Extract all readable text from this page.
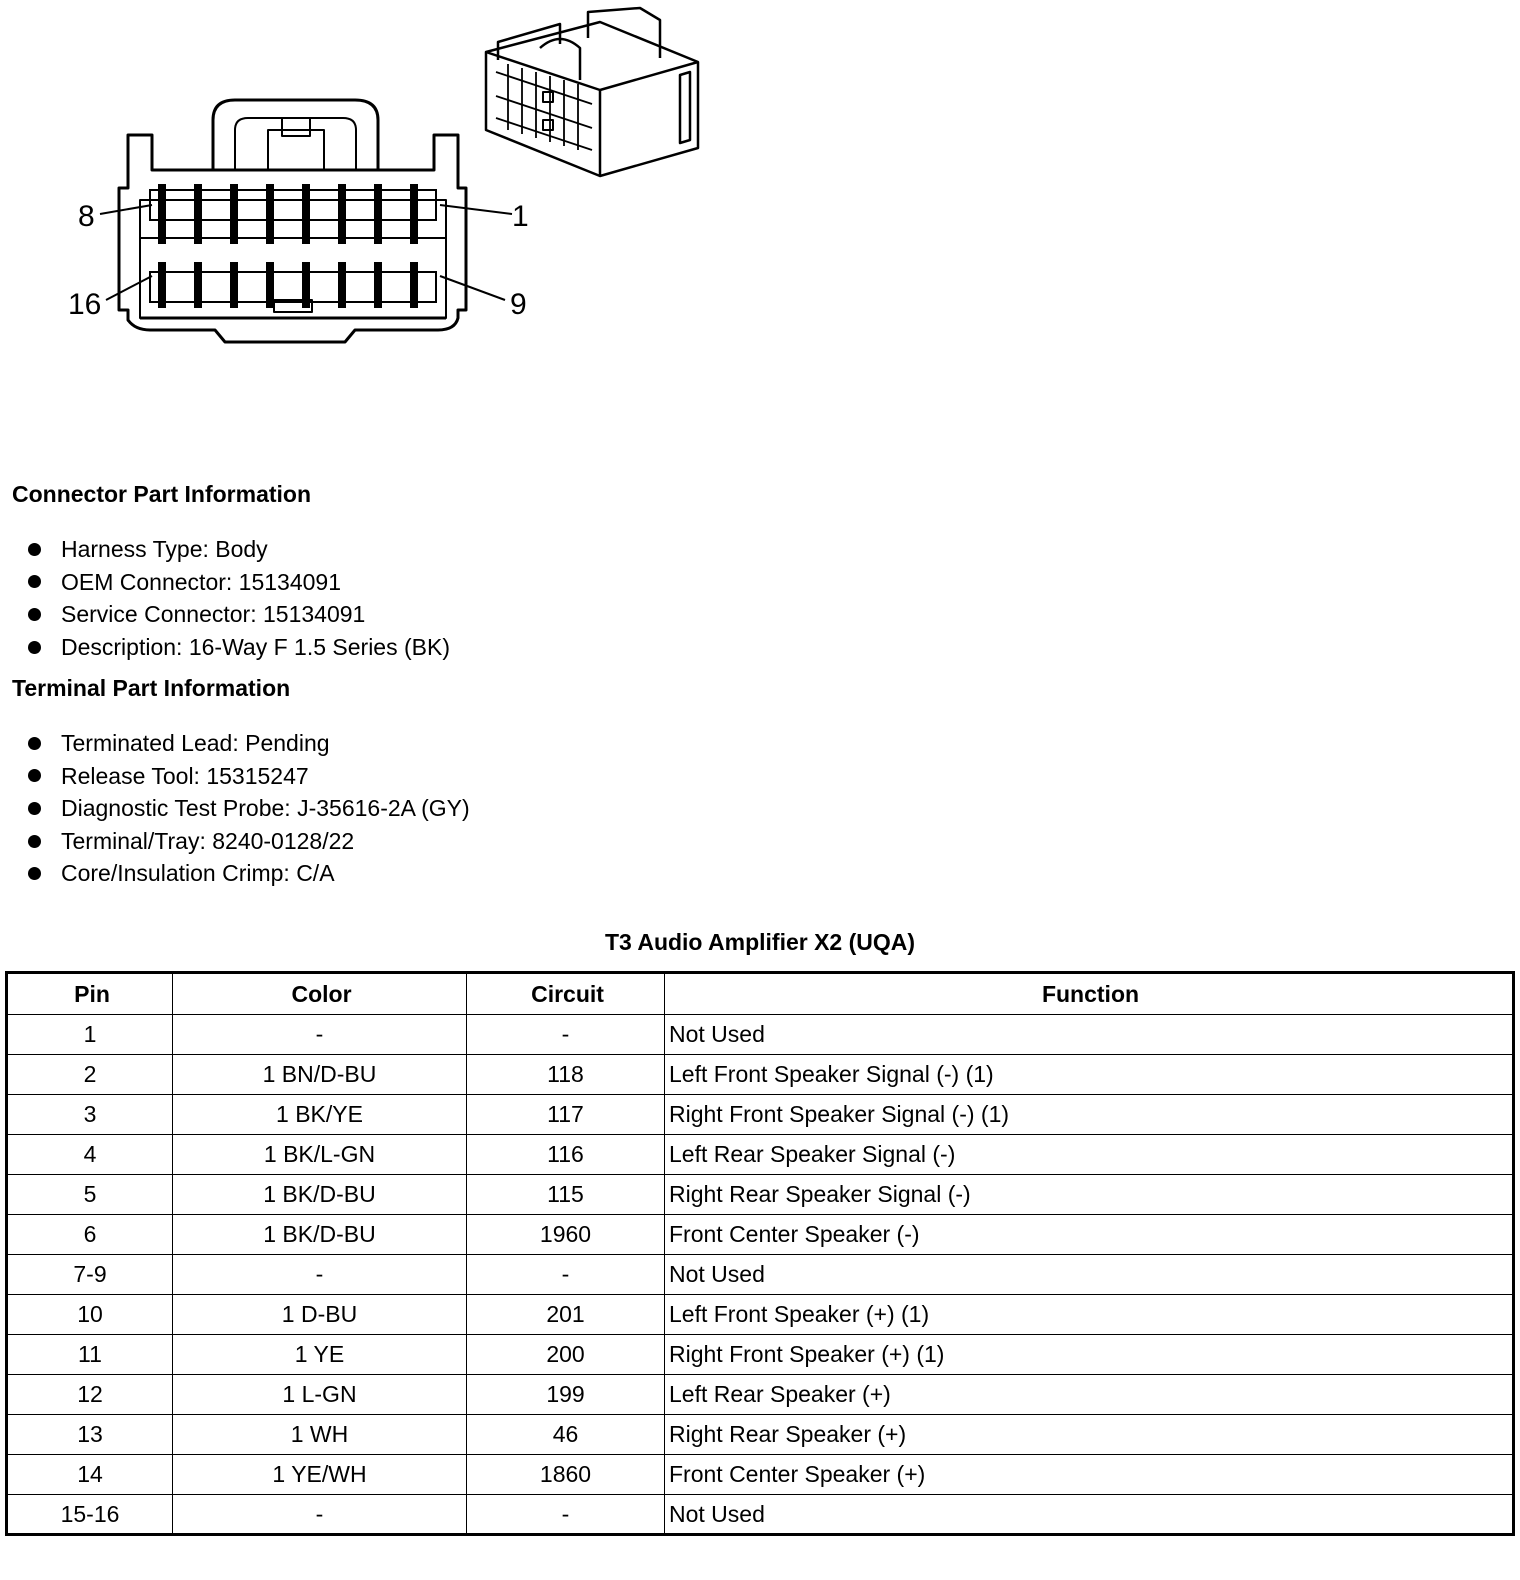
8	1
16	9
Connector Part Information
Harness Type: Body
OEM Connector: 15134091
Service Connector: 15134091
Description: 16-Way F 1.5 Series (BK)
Terminal Part Information
Terminated Lead: Pending
Release Tool: 15315247
Diagnostic Test Probe: J-35616-2A (GY)
Terminal/Tray: 8240-0128/22
Core/Insulation Crimp: C/A
T3 Audio Amplifier X2 (UQA)
Pin	Color	Circuit	Function
1	-	-	Not Used
2	1 BN/D-BU	118	Left Front Speaker Signal (-) (1)
3	1 BK/YE	117	Right Front Speaker Signal (-) (1)
4	1 BK/L-GN	116	Left Rear Speaker Signal (-)
5	1 BK/D-BU	115	Right Rear Speaker Signal (-)
6	1 BK/D-BU	1960	Front Center Speaker (-)
7-9	-	-	Not Used
10	1 D-BU	201	Left Front Speaker (+) (1)
11	1 YE	200	Right Front Speaker (+) (1)
12	1 L-GN	199	Left Rear Speaker (+)
13	1 WH	46	Right Rear Speaker (+)
14	1 YE/WH	1860	Front Center Speaker (+)
15-16	-	-	Not Used
